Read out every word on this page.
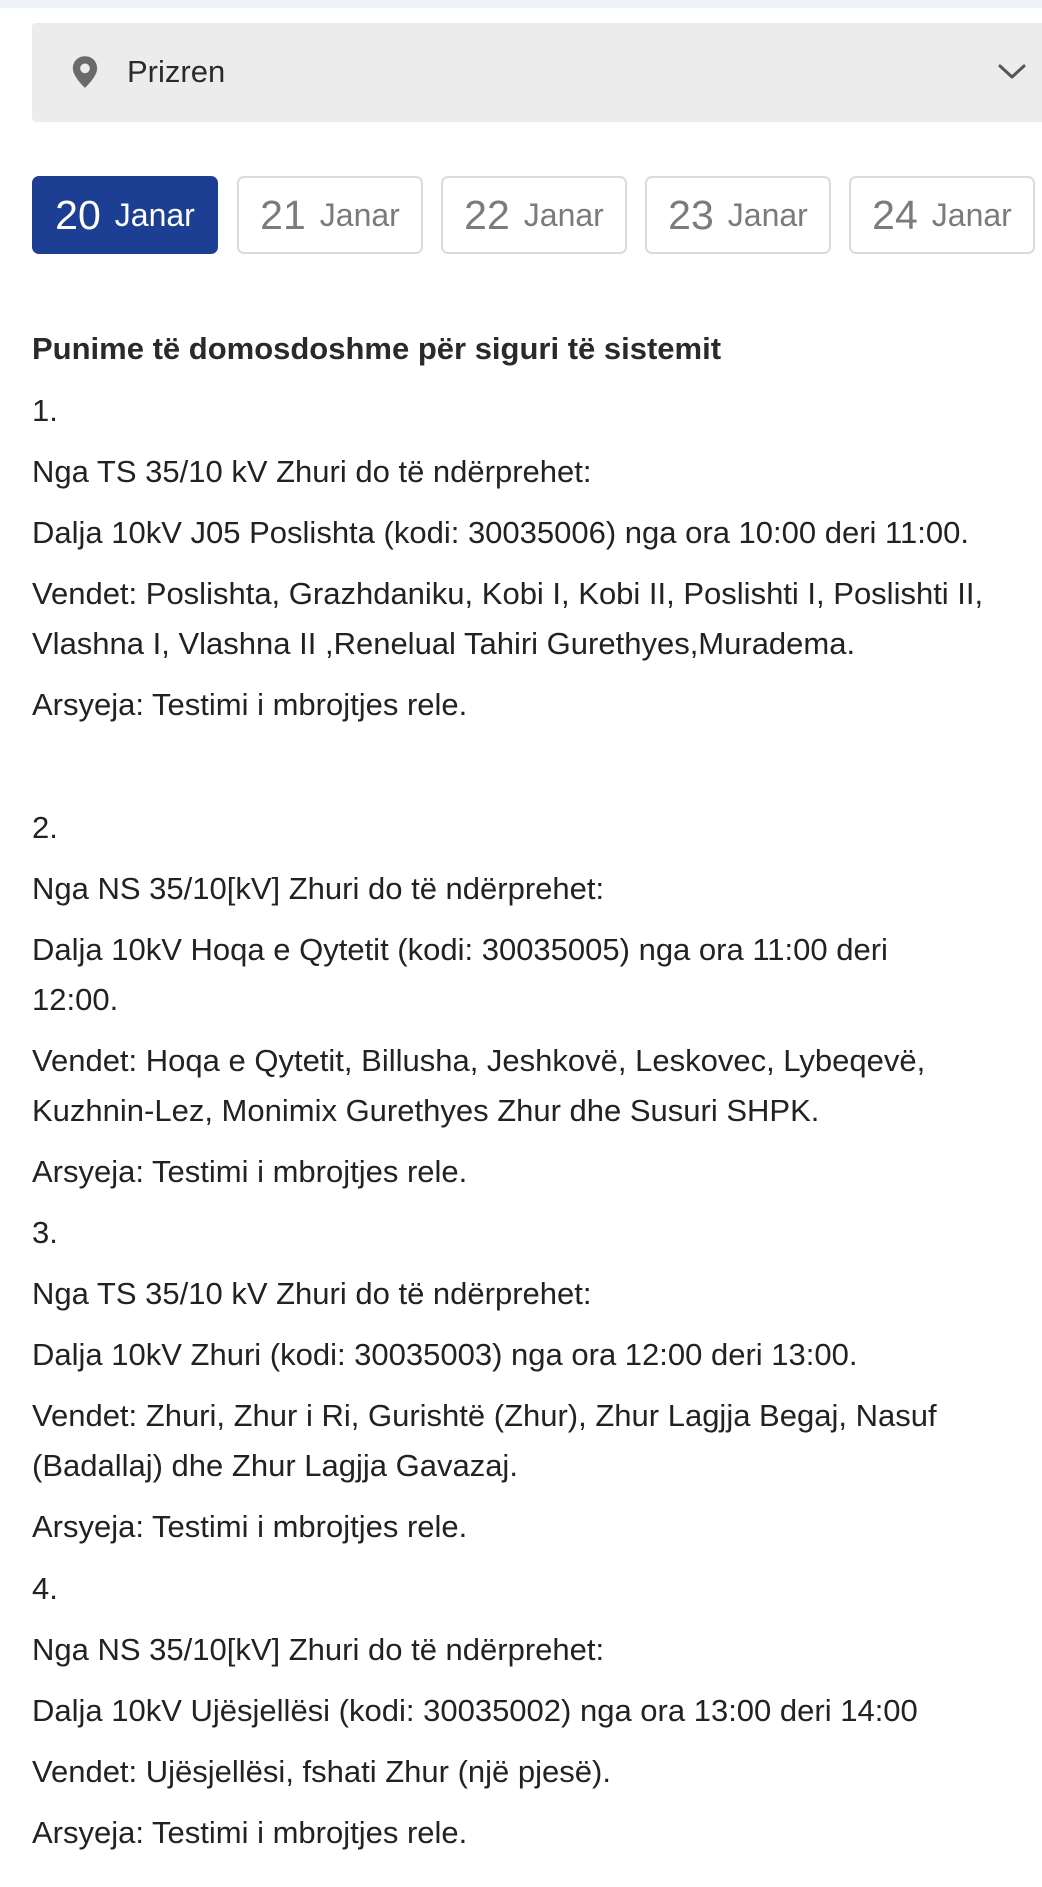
Prizren
20 Janar 21 Janar 22 Janar 23 Janar 24 Janar
Punime të domosdoshme për siguri të sistemit
1.
Nga TS 35/10 kV Zhuri do të ndërprehet:
Dalja 10kV J05 Poslishta (kodi: 30035006) nga ora 10:00 deri 11:00.
Vendet: Poslishta, Grazhdaniku, Kobi I, Kobi II, Poslishti I, Poslishti II,
Vlashna I, Vlashna II ,Renelual Tahiri Gurethyes,Muradema.
Arsyeja: Testimi i mbrojtjes rele.
2.
Nga NS 35/10[kV] Zhuri do të ndërprehet:
Dalja 10kV Hoqa e Qytetit (kodi: 30035005) nga ora 11:00 deri
12:00.
Vendet: Hoqa e Qytetit, Billusha, Jeshkovë, Leskovec, Lybeqevë,
Kuzhnin-Lez, Monimix Gurethyes Zhur dhe Susuri SHPK.
Arsyeja: Testimi i mbrojtjes rele.
3.
Nga TS 35/10 kV Zhuri do të ndërprehet:
Dalja 10kV Zhuri (kodi: 30035003) nga ora 12:00 deri 13:00.
Vendet: Zhuri, Zhur i Ri, Gurishtë (Zhur), Zhur Lagjja Begaj, Nasuf
(Badallaj) dhe Zhur Lagjja Gavazaj.
Arsyeja: Testimi i mbrojtjes rele.
4.
Nga NS 35/10[kV] Zhuri do të ndërprehet:
Dalja 10kV Ujësjellësi (kodi: 30035002) nga ora 13:00 deri 14:00
Vendet: Ujësjellësi, fshati Zhur (një pjesë).
Arsyeja: Testimi i mbrojtjes rele.
